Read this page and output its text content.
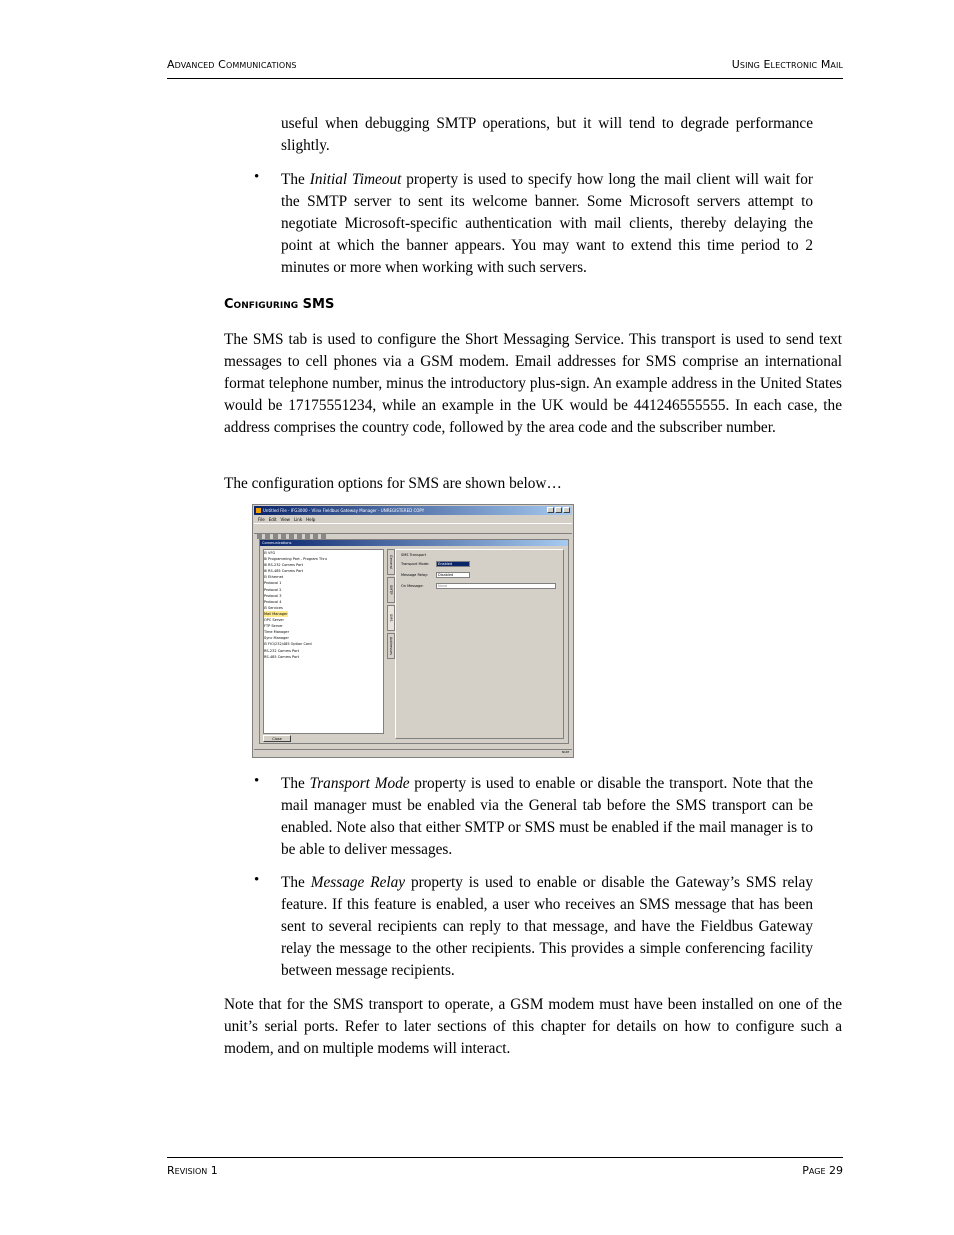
Advanced Communications	Using Electronic Mail

useful when debugging SMTP operations, but it will tend to degrade performance slightly.

• The Initial Timeout property is used to specify how long the mail client will wait for the SMTP server to sent its welcome banner. Some Microsoft servers attempt to negotiate Microsoft-specific authentication with mail clients, thereby delaying the point at which the banner appears. You may want to extend this time period to 2 minutes or more when working with such servers.

Configuring SMS

The SMS tab is used to configure the Short Messaging Service. This transport is used to send text messages to cell phones via a GSM modem. Email addresses for SMS comprise an international format telephone number, minus the introductory plus-sign. An example address in the United States would be 17175551234, while an example in the UK would be 441246555555. In each case, the address comprises the country code, followed by the area code and the subscriber number.

The configuration options for SMS are shown below…

Untitled File - IFG3000 - Vlinx Fieldbus Gateway Manager - UNREGISTERED COPY
File Edit View Link Help
Communications
⊟ VFG
⊞ Programming Port - Program Thru
⊞ RS-232 Comms Port
⊞ RS-485 Comms Port
⊟ Ethernet
Protocol 1
Protocol 2
Protocol 3
Protocol 4
⊟ Services
Mail Manager
OPC Server
FTP Server
Time Manager
Sync Manager
⊟ FIO/232/485 Option Card
RS-232 Comms Port
RS-485 Comms Port
General
SMTP
SMS
Addresses
SMS Transport
Transport Mode:	Enabled
Message Relay:	Disabled
On Message:	None
Close
NUM
• The Transport Mode property is used to enable or disable the transport. Note that the mail manager must be enabled via the General tab before the SMS transport can be enabled. Note also that either SMTP or SMS must be enabled if the mail manager is to be able to deliver messages.

• The Message Relay property is used to enable or disable the Gateway’s SMS relay feature. If this feature is enabled, a user who receives an SMS message that has been sent to several recipients can reply to that message, and have the Fieldbus Gateway relay the message to the other recipients. This provides a simple conferencing facility between message recipients.

Note that for the SMS transport to operate, a GSM modem must have been installed on one of the unit’s serial ports. Refer to later sections of this chapter for details on how to configure such a modem, and on multiple modems will interact.

Revision 1	Page 29
